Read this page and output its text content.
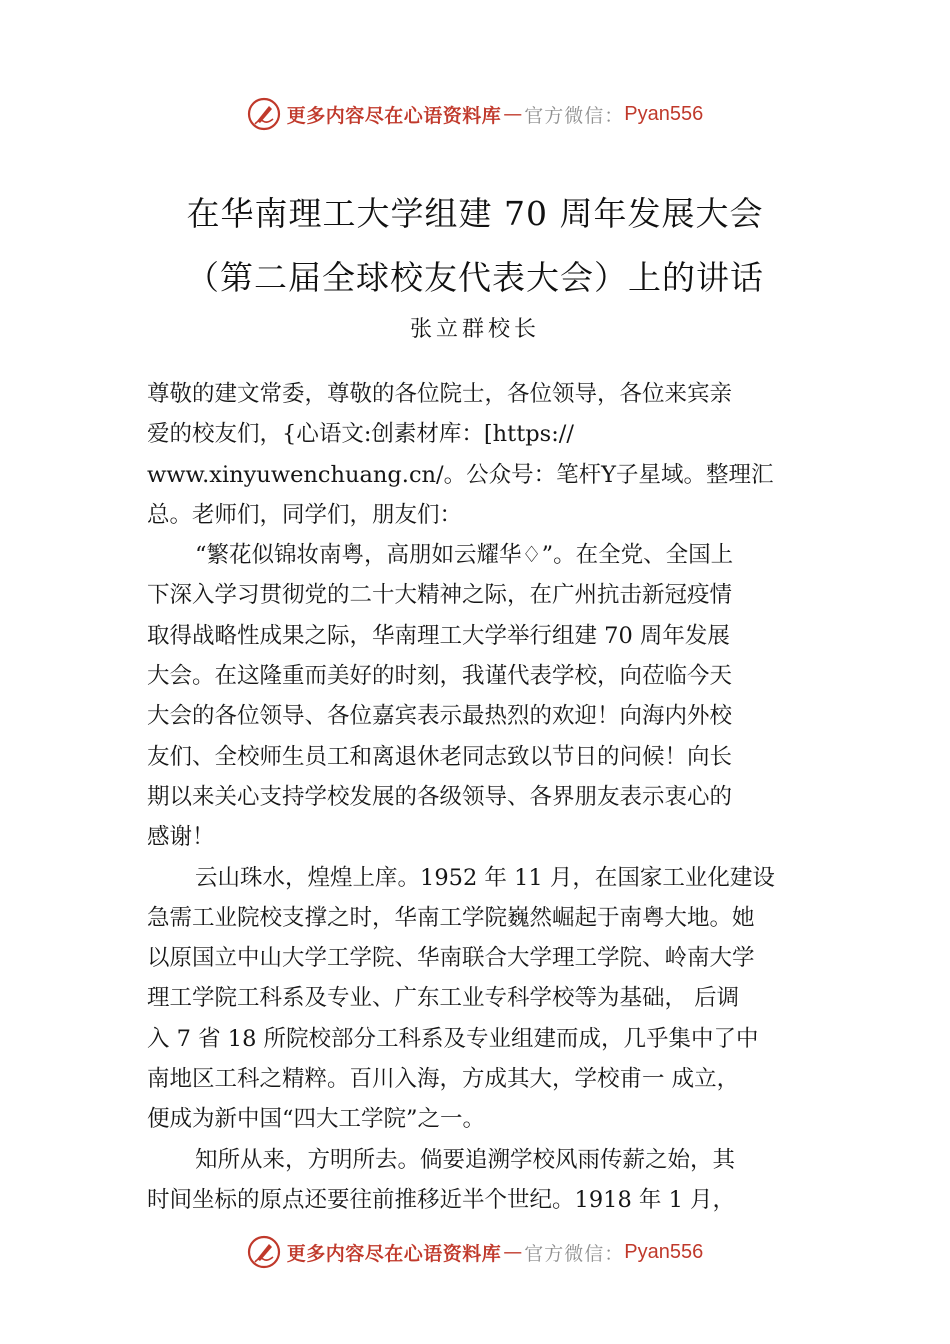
更多内容尽在心语资料库 — 官方微信： Pyan556
在华南理工大学组建 70 周年发展大会
（第二届全球校友代表大会）上的讲话
张立群校长

尊敬的建文常委，尊敬的各位院士，各位领导，各位来宾亲
爱的校友们，{心语文:创素材库：[https://
www.xinyuwenchuang.cn/。公众号：笔杆Y子星域。整理汇
总。老师们，同学们，朋友们：

“繁花似锦妆南粤，高朋如云耀华♢”。在全党、全国上
下深入学习贯彻党的二十大精神之际，在广州抗击新冠疫情
取得战略性成果之际，华南理工大学举行组建 70 周年发展
大会。在这隆重而美好的时刻，我谨代表学校，向莅临今天
大会的各位领导、各位嘉宾表示最热烈的欢迎！向海内外校
友们、全校师生员工和离退休老同志致以节日的问候！向长
期以来关心支持学校发展的各级领导、各界朋友表示衷心的
感谢！

云山珠水，煌煌上庠。1952 年 11 月，在国家工业化建设
急需工业院校支撑之时，华南工学院巍然崛起于南粤大地。她
以原国立中山大学工学院、华南联合大学理工学院、岭南大学
理工学院工科系及专业、广东工业专科学校等为基础， 后调
入 7 省 18 所院校部分工科系及专业组建而成，几乎集中了中
南地区工科之精粹。百川入海，方成其大，学校甫一 成立，
便成为新中国“四大工学院”之一。

知所从来，方明所去。倘要追溯学校风雨传薪之始，其
时间坐标的原点还要往前推移近半个世纪。1918 年 1 月，

更多内容尽在心语资料库 — 官方微信： Pyan556
